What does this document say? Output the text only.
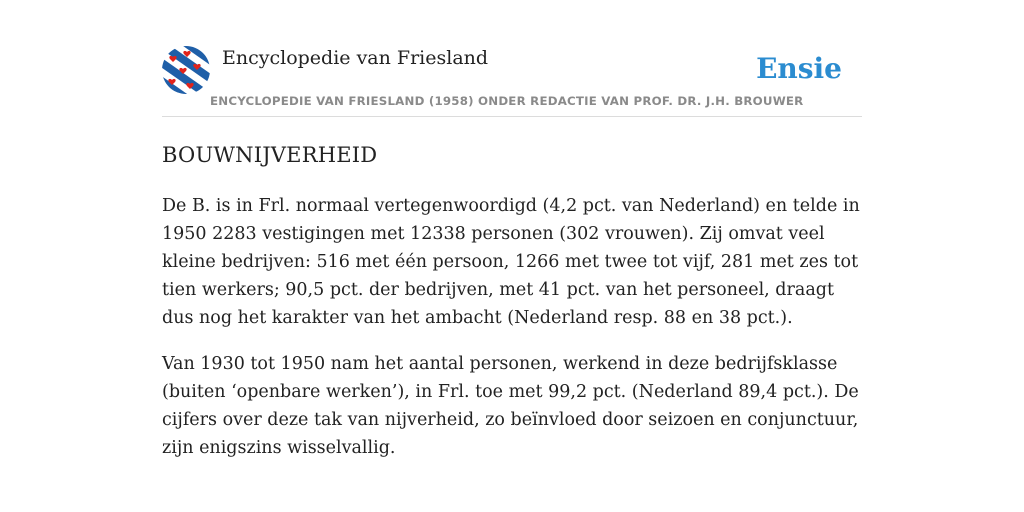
Encyclopedie van Friesland	Ensie
ENCYCLOPEDIE VAN FRIESLAND (1958) ONDER REDACTIE VAN PROF. DR. J.H. BROUWER
BOUWNIJVERHEID

De B. is in Frl. normaal vertegenwoordigd (4,2 pct. van Nederland) en telde in 1950 2283 vestigingen met 12338 personen (302 vrouwen). Zij omvat veel kleine bedrijven: 516 met één persoon, 1266 met twee tot vijf, 281 met zes tot tien werkers; 90,5 pct. der bedrijven, met 41 pct. van het personeel, draagt dus nog het karakter van het ambacht (Nederland resp. 88 en 38 pct.).

Van 1930 tot 1950 nam het aantal personen, werkend in deze bedrijfsklasse (buiten ‘openbare werken’), in Frl. toe met 99,2 pct. (Nederland 89,4 pct.). De cijfers over deze tak van nijverheid, zo beïnvloed door seizoen en conjunctuur, zijn enigszins wisselvallig.
